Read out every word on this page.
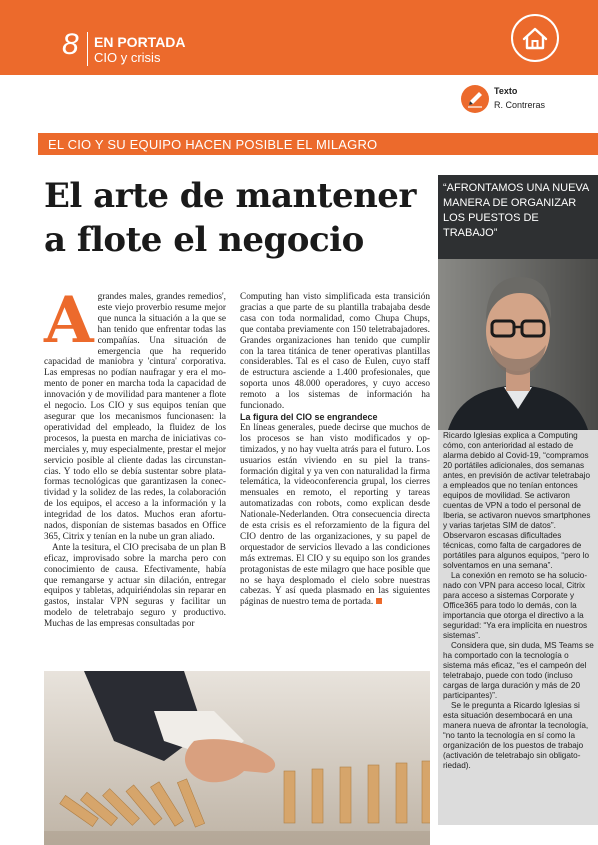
8 EN PORTADA
CIO y crisis
Texto
R. Contreras
EL CIO Y SU EQUIPO HACEN POSIBLE EL MILAGRO
El arte de mantener
a flote el negocio

Agrandes males, grandes remedios', este viejo proverbio resume mejor que nunca la situación a la que se han tenido que enfrentar todas las compañías. Una situación de emergencia que ha requerido capacidad de maniobra y 'cintura' corporativa. Las empresas no podían naufragar y era el momento de poner en marcha toda la capacidad de innovación y de movilidad para mantener a flote el negocio. Los CIO y sus equipos tenían que asegurar que los mecanismos funcionasen: la operatividad del empleado, la fluidez de los procesos, la puesta en marcha de iniciativas comerciales y, muy especialmente, prestar el mejor servicio posible al cliente dadas las circunstancias. Y todo ello se debía sustentar sobre plataformas tecnológicas que garantizasen la conectividad y la solidez de las redes, la colaboración de los equipos, el acceso a la información y la integridad de los datos. Muchos eran afortunados, disponían de sistemas basados en Office 365, Citrix y tenían en la nube un gran aliado.

Ante la tesitura, el CIO precisaba de un plan B eficaz, improvisado sobre la marcha pero con conocimiento de causa. Efectivamente, había que remangarse y actuar sin dilación, entregar equipos y tabletas, adquiriéndolas sin reparar en gastos, instalar VPN seguras y facilitar un modelo de teletrabajo seguro y productivo. Muchas de las empresas consultadas por

Computing han visto simplificada esta transición gracias a que parte de su plantilla trabajaba desde casa con toda normalidad, como Chupa Chups, que contaba previamente con 150 teletrabajadores. Grandes organizaciones han tenido que cumplir con la tarea titánica de tener operativas plantillas considerables. Tal es el caso de Eulen, cuyo staff de estructura asciende a 1.400 profesionales, que soporta unos 48.000 operadores, y cuyo acceso remoto a los sistemas de información ha funcionado.

La figura del CIO se engrandece

En líneas generales, puede decirse que muchos de los procesos se han visto modificados y optimizados, y no hay vuelta atrás para el futuro. Los usuarios están viviendo en su piel la transformación digital y ya ven con naturalidad la firma telemática, la videoconferencia grupal, los cierres mensuales en remoto, el reporting y tareas automatizadas con robots, como explican desde Nationale-Nederlanden. Otra consecuencia directa de esta crisis es el reforzamiento de la figura del CIO dentro de las organizaciones, y su papel de orquestador de servicios llevado a las condiciones más extremas. El CIO y su equipo son los grandes protagonistas de este milagro que hace posible que no se haya desplomado el cielo sobre nuestras cabezas. Y así queda plasmado en las siguientes páginas de nuestro tema de portada.

“AFRONTAMOS UNA NUEVA MANERA DE ORGANIZAR LOS PUESTOS DE TRABAJO”

Ricardo Iglesias explica a Computing cómo, con anterioridad al estado de alarma debido al Covid-19, “compramos 20 portátiles adicionales, dos semanas antes, en previsión de activar teletrabajo a empleados que no tenían entonces equipos de movilidad. Se activaron cuentas de VPN a todo el personal de Iberia, se activaron nuevos smartphones y varias tarjetas SIM de datos”. Observaron escasas dificultades técnicas, como falta de cargadores de portátiles para algunos equipos, “pero lo solventamos en una semana”.

La conexión en remoto se ha solucionado con VPN para acceso local, Citrix para acceso a sistemas Corporate y Office365 para todo lo demás, con la importancia que otorga el directivo a la seguridad: “Ya era implícita en nuestros sistemas”.

Considera que, sin duda, MS Teams se ha comportado con la tecnología o sistema más eficaz, “es el campeón del teletrabajo, puede con todo (incluso cargas de larga duración y más de 20 participantes)”.

Se le pregunta a Ricardo Iglesias si esta situación desembocará en una manera nueva de afrontar la tecnología, “no tanto la tecnología en sí como la organización de los puestos de trabajo (activación de teletrabajo sin obligatoriedad).
